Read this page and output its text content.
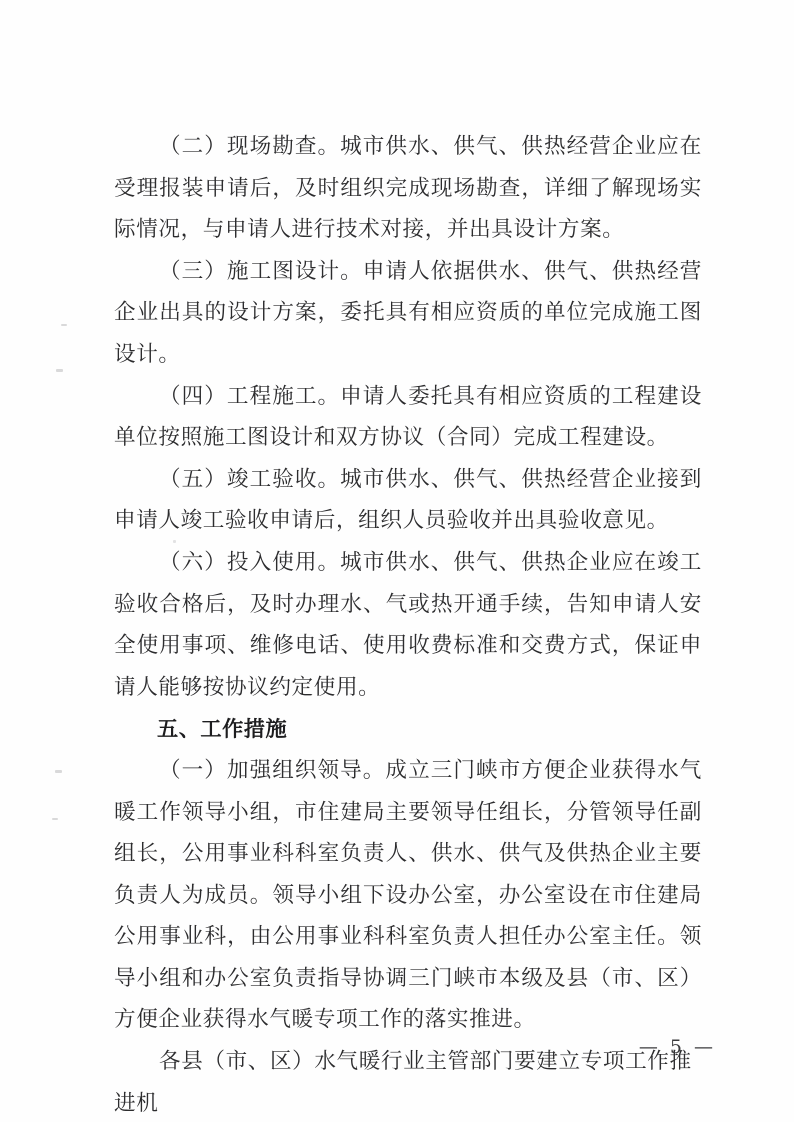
（二）现场勘查。城市供水、供气、供热经营企业应在受理报装申请后，及时组织完成现场勘查，详细了解现场实际情况，与申请人进行技术对接，并出具设计方案。

（三）施工图设计。申请人依据供水、供气、供热经营企业出具的设计方案，委托具有相应资质的单位完成施工图设计。

（四）工程施工。申请人委托具有相应资质的工程建设单位按照施工图设计和双方协议（合同）完成工程建设。

（五）竣工验收。城市供水、供气、供热经营企业接到申请人竣工验收申请后，组织人员验收并出具验收意见。

（六）投入使用。城市供水、供气、供热企业应在竣工验收合格后，及时办理水、气或热开通手续，告知申请人安全使用事项、维修电话、使用收费标准和交费方式，保证申请人能够按协议约定使用。

五、工作措施

（一）加强组织领导。成立三门峡市方便企业获得水气暖工作领导小组，市住建局主要领导任组长，分管领导任副组长，公用事业科科室负责人、供水、供气及供热企业主要负责人为成员。领导小组下设办公室，办公室设在市住建局公用事业科，由公用事业科科室负责人担任办公室主任。领导小组和办公室负责指导协调三门峡市本级及县（市、区）方便企业获得水气暖专项工作的落实推进。

各县（市、区）水气暖行业主管部门要建立专项工作推进机

— 5 —
